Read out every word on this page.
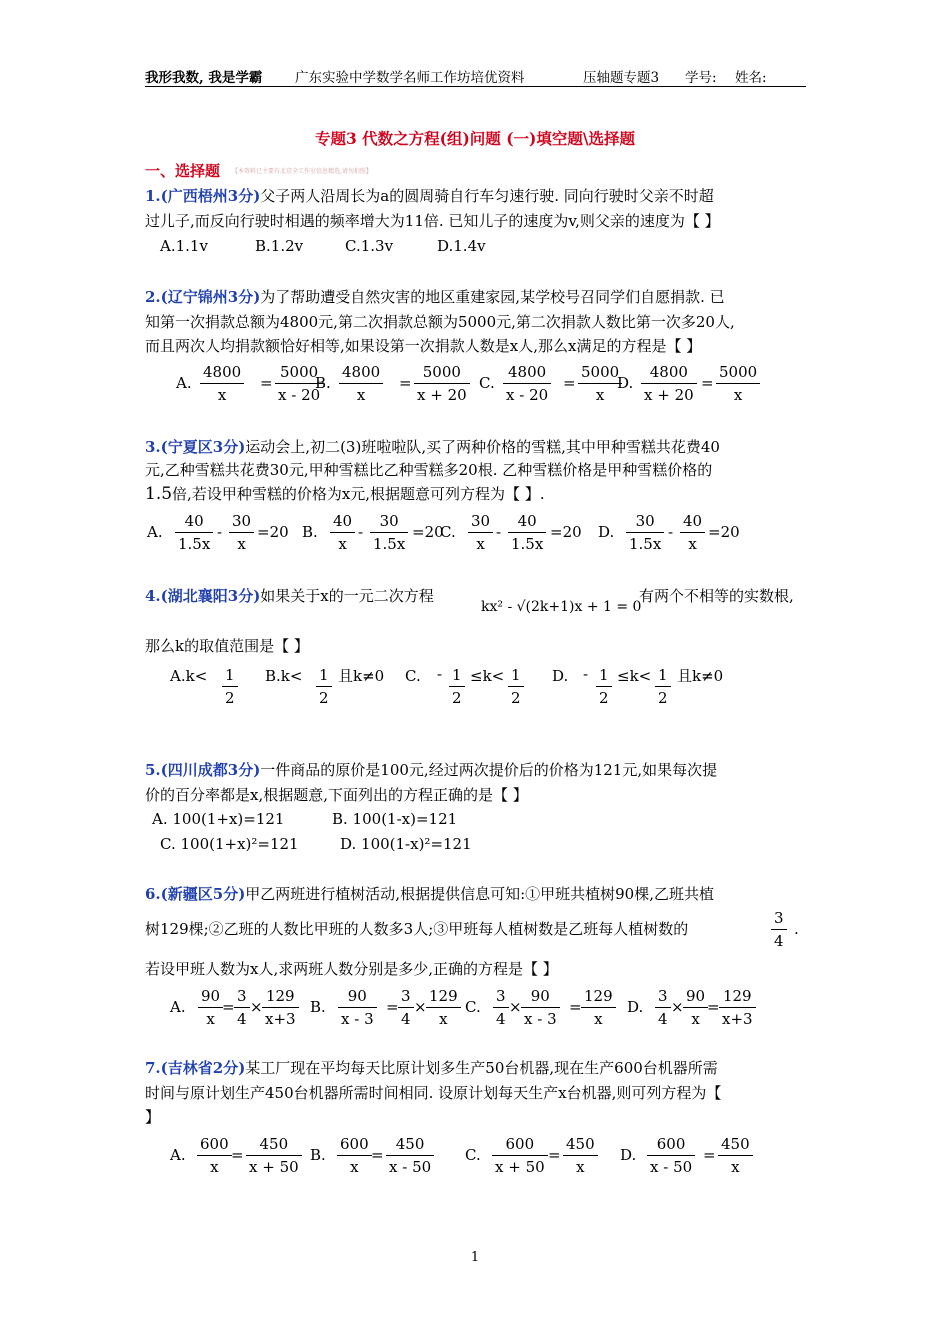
我形我数, 我是学霸 广东实验中学数学名师工作坊培优资料	压轴题专题3 学号: 姓名:
专题3 代数之方程(组)问题 (一)填空题\选择题
一、选择题 【本资料已主要有北京全工作室信息精选,请勿拍照】
1.(广西梧州3分)父子两人沿周长为a的圆周骑自行车匀速行驶. 同向行驶时父亲不时超
过儿子,而反向行驶时相遇的频率增大为11倍. 已知儿子的速度为v,则父亲的速度为【 】
A.1.1v	B.1.2v	C.1.3v	D.1.4v
2.(辽宁锦州3分)为了帮助遭受自然灾害的地区重建家园,某学校号召同学们自愿捐款. 已
知第一次捐款总额为4800元,第二次捐款总额为5000元,第二次捐款人数比第一次多20人,
而且两次人均捐款额恰好相等,如果设第一次捐款人数是x人,那么x满足的方程是【 】
A. $\frac{4800}{x} = \frac{5000}{x - 20}$
B. $\frac{4800}{x} = \frac{5000}{x + 20} C$. $\frac{4800}{x - 20} = \frac{5000}{x}$
D. $\frac{4800}{x + 20} = \frac{5000}{x}$
3.(宁夏区3分)运动会上,初二(3)班啦啦队,买了两种价格的雪糕,其中甲种雪糕共花费40
元,乙种雪糕共花费30元,甲种雪糕比乙种雪糕多20根. 乙种雪糕价格是甲种雪糕价格的
1.5倍,若设甲种雪糕的价格为x元,根据题意可列方程为【 】.
A. $\frac{40}{1.5x} - \frac{30}{x} =20$ B. $\frac{40}{x} - \frac{30}{1.5x} =20$
C. $\frac{30}{x} - \frac{40}{1.5x} =20$ D. $\frac{30}{1.5x} - \frac{40}{x} =20$
4.(湖北襄阳3分)如果关于x的一元二次方程
kx² - √(2k+1)x + 1 = 0
有两个不相等的实数根,
那么k的取值范围是【 】
$A.k< \frac{1}{2} B.k< \frac{1}{2}$ 且k≠0 C. - $\frac{1}{2} \le k< \frac{1}{2} D$. - $\frac{1}{2} \le k< \frac{1}{2}$ 且k≠0
5.(四川成都3分)一件商品的原价是100元,经过两次提价后的价格为121元,如果每次提
价的百分率都是x,根据题意,下面列出的方程正确的是【 】
A. 100(1+x)=121	B. 100(1-x)=121
C. 100(1+x)²=121	D. 100(1-x)²=121
6.(新疆区5分)甲乙两班进行植树活动,根据提供信息可知:①甲班共植树90棵,乙班共植
树129棵;②乙班的人数比甲班的人数多3人;③甲班每人植树数是乙班每人植树数的	$\frac{3}{4}$ .
若设甲班人数为x人,求两班人数分别是多少,正确的方程是【 】
A. $\frac{90}{x}$
= $\frac{3}{4} \times \frac{129}{x+3} B$. $\frac{90}{x - 3} = \frac{3}{4} \times \frac{129}{x} C$. $\frac{3}{4} \times \frac{90}{x - 3} = \frac{129}{x} D$. $\frac{3}{4} \times \frac{90}{x}$
= $\frac{129}{x+3}$
7.(吉林省2分)某工厂现在平均每天比原计划多生产50台机器,现在生产600台机器所需
时间与原计划生产450台机器所需时间相同. 设原计划每天生产x台机器,则可列方程为【
】
A. $\frac{600}{x} = \frac{450}{x + 50} B$. $\frac{600}{x} = \frac{450}{x - 50} C$. $\frac{600}{x + 50} = \frac{450}{x} D$. $\frac{600}{x - 50} = \frac{450}{x}$
1
